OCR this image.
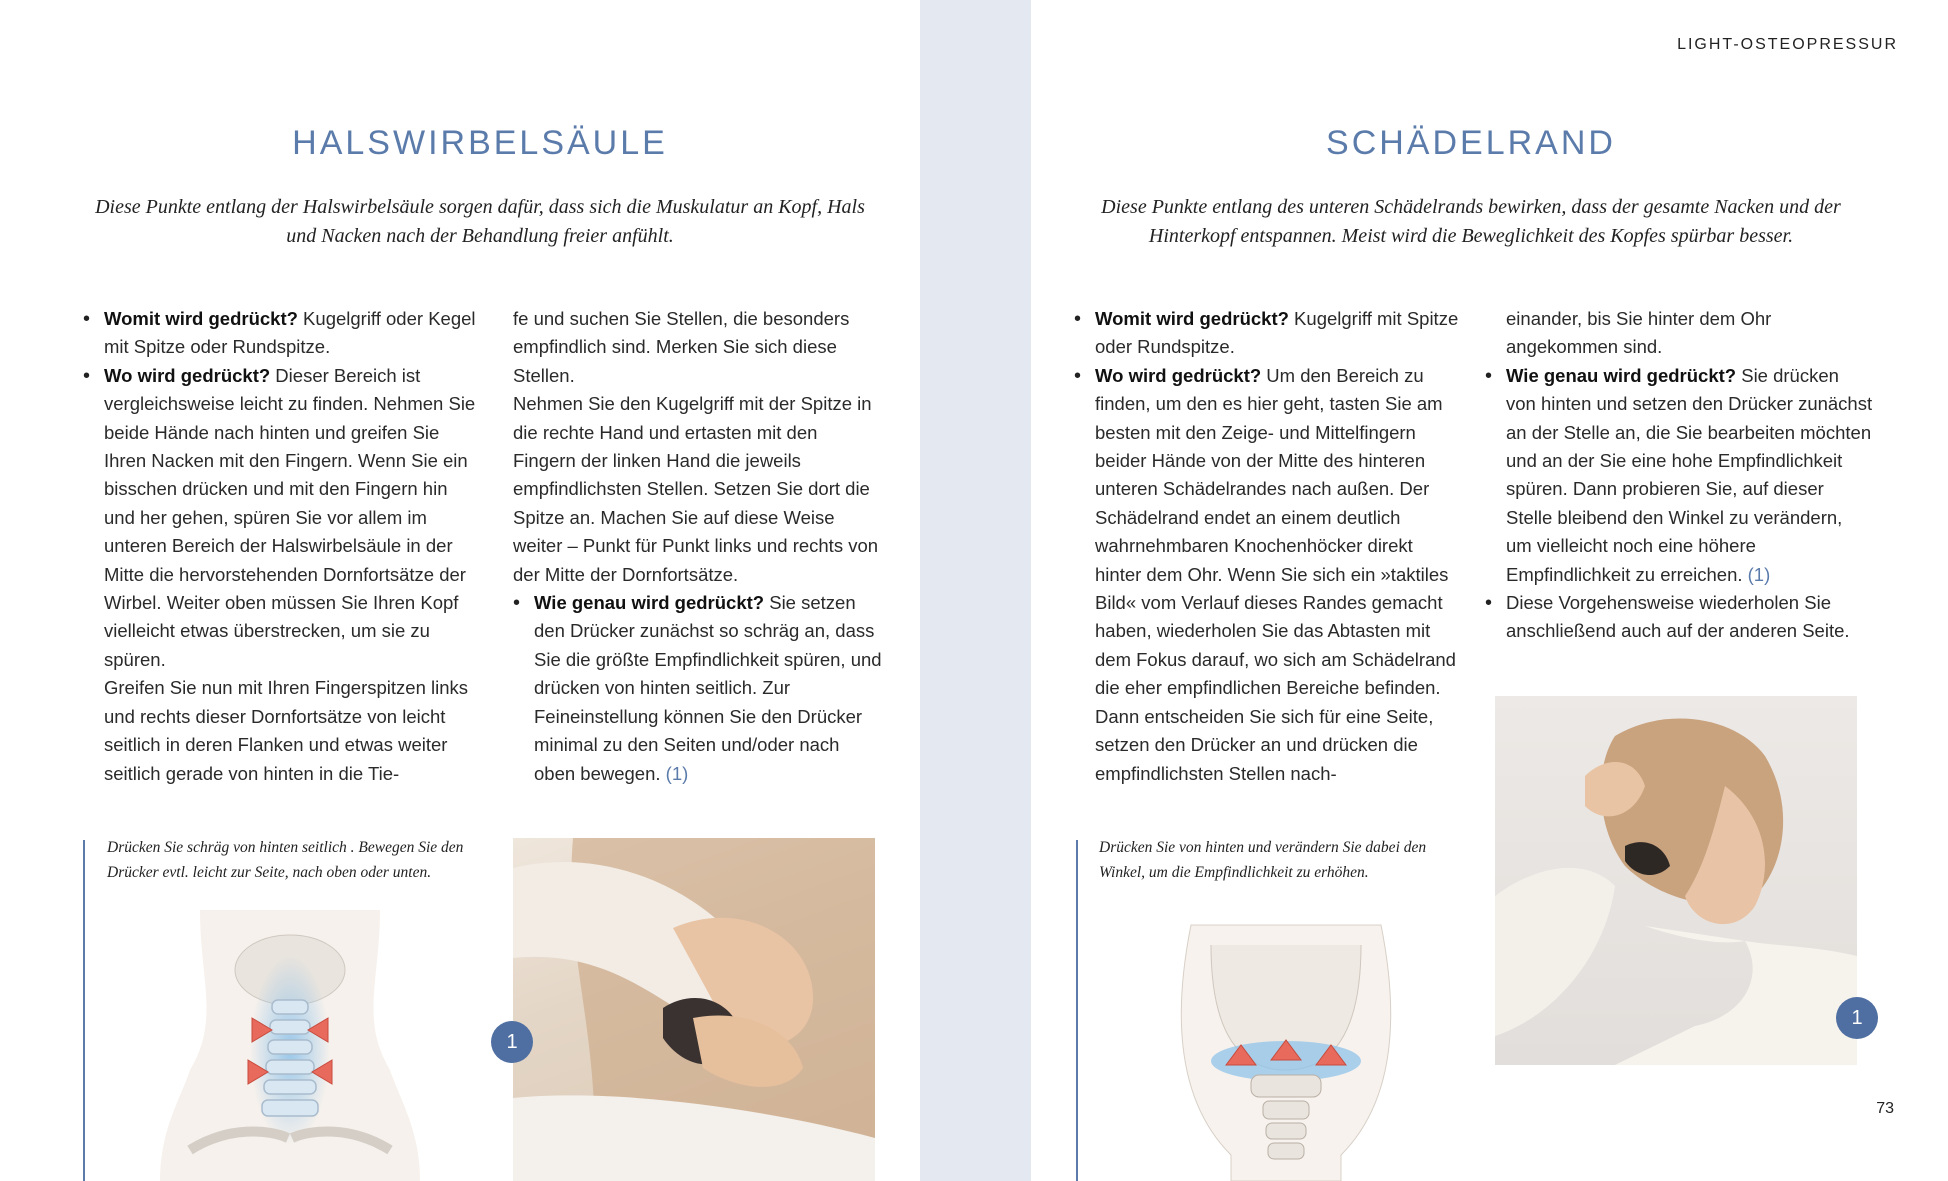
HALSWIRBELSÄULE

Diese Punkte entlang der Halswirbelsäule sorgen dafür, dass sich die Muskulatur an Kopf, Hals und Nacken nach der Behandlung freier anfühlt.

• Womit wird gedrückt? Kugelgriff oder Kegel mit Spitze oder Rundspitze.
• Wo wird gedrückt? Dieser Bereich ist vergleichsweise leicht zu finden. Nehmen Sie beide Hände nach hinten und greifen Sie Ihren Nacken mit den Fingern. Wenn Sie ein bisschen drücken und mit den Fingern hin und her gehen, spüren Sie vor allem im unteren Bereich der Halswirbelsäule in der Mitte die hervorstehenden Dornfortsätze der Wirbel. Weiter oben müssen Sie Ihren Kopf vielleicht etwas überstrecken, um sie zu spüren.

Greifen Sie nun mit Ihren Fingerspitzen links und rechts dieser Dornfortsätze von leicht seitlich in deren Flanken und etwas weiter seitlich gerade von hinten in die Tie-

fe und suchen Sie Stellen, die besonders empfindlich sind. Merken Sie sich diese Stellen.

Nehmen Sie den Kugelgriff mit der Spitze in die rechte Hand und ertasten mit den Fingern der linken Hand die jeweils empfindlichsten Stellen. Setzen Sie dort die Spitze an. Machen Sie auf diese Weise weiter – Punkt für Punkt links und rechts von der Mitte der Dornfortsätze.

• Wie genau wird gedrückt? Sie setzen den Drücker zunächst so schräg an, dass Sie die größte Empfindlichkeit spüren, und drücken von hinten seitlich. Zur Feineinstellung können Sie den Drücker minimal zu den Seiten und/oder nach oben bewegen. (1)

Drücken Sie schräg von hinten seitlich . Bewegen Sie den Drücker evtl. leicht zur Seite, nach oben oder unten.

1
LIGHT-OSTEOPRESSUR
SCHÄDELRAND

Diese Punkte entlang des unteren Schädelrands bewirken, dass der gesamte Nacken und der Hinterkopf entspannen. Meist wird die Beweglichkeit des Kopfes spürbar besser.

• Womit wird gedrückt? Kugelgriff mit Spitze oder Rundspitze.
• Wo wird gedrückt? Um den Bereich zu finden, um den es hier geht, tasten Sie am besten mit den Zeige- und Mittelfingern beider Hände von der Mitte des hinteren unteren Schädelrandes nach außen. Der Schädelrand endet an einem deutlich wahrnehmbaren Knochenhöcker direkt hinter dem Ohr. Wenn Sie sich ein »taktiles Bild« vom Verlauf dieses Randes gemacht haben, wiederholen Sie das Abtasten mit dem Fokus darauf, wo sich am Schädelrand die eher empfindlichen Bereiche befinden. Dann entscheiden Sie sich für eine Seite, setzen den Drücker an und drücken die empfindlichsten Stellen nach-

einander, bis Sie hinter dem Ohr angekommen sind.

• Wie genau wird gedrückt? Sie drücken von hinten und setzen den Drücker zunächst an der Stelle an, die Sie bearbeiten möchten und an der Sie eine hohe Empfindlichkeit spüren. Dann probieren Sie, auf dieser Stelle bleibend den Winkel zu verändern, um vielleicht noch eine höhere Empfindlichkeit zu erreichen. (1)
• Diese Vorgehensweise wiederholen Sie anschließend auch auf der anderen Seite.

Drücken Sie von hinten und verändern Sie dabei den Winkel, um die Empfindlichkeit zu erhöhen.

1
73
